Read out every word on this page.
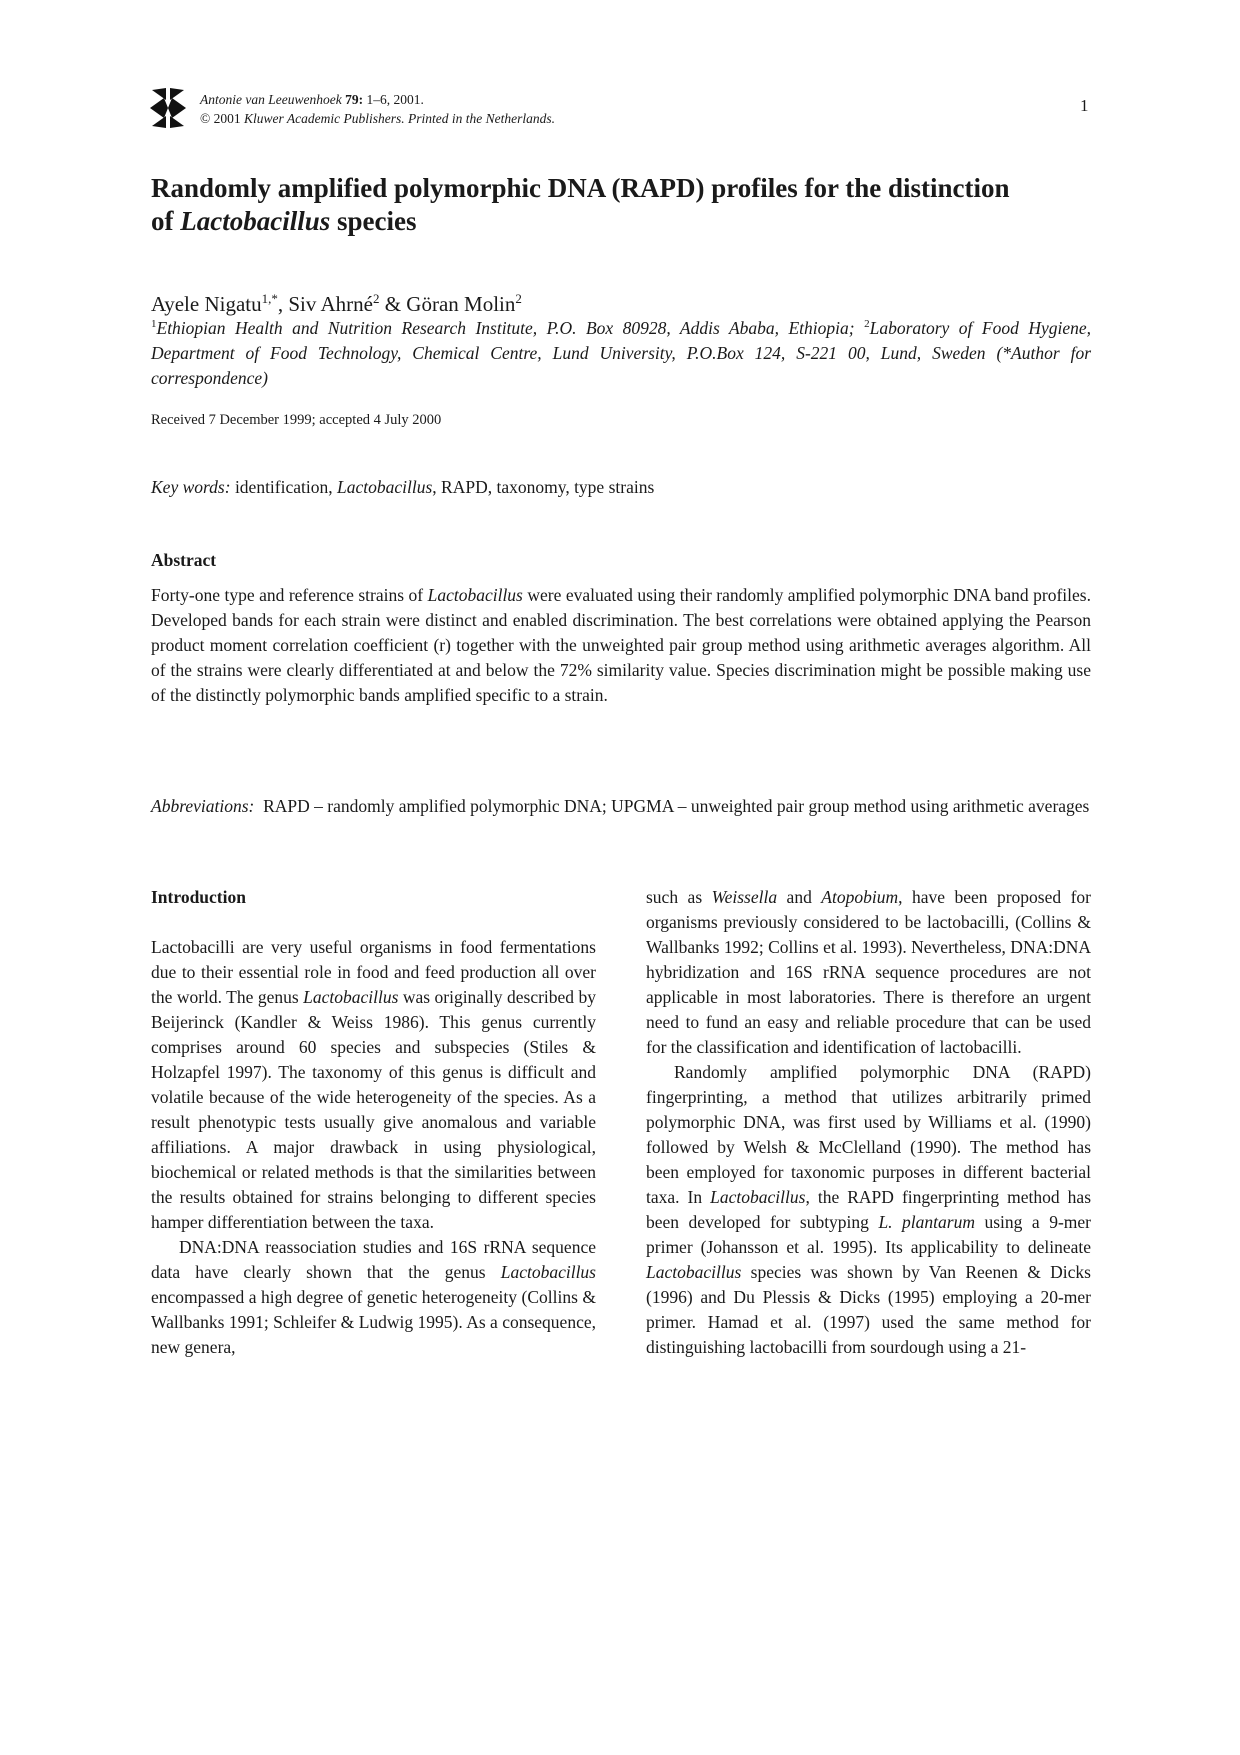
Antonie van Leeuwenhoek 79: 1–6, 2001.
© 2001 Kluwer Academic Publishers. Printed in the Netherlands.
1
Randomly amplified polymorphic DNA (RAPD) profiles for the distinction
of Lactobacillus species
Ayele Nigatu$^{1,*}$, Siv Ahrné$^2$ & Göran Molin$^2$
$^1$Ethiopian Health and Nutrition Research Institute, P.O. Box 80928, Addis Ababa, Ethiopia; $^2$Laboratory of Food Hygiene, Department of Food Technology, Chemical Centre, Lund University, P.O.Box 124, S-221 00, Lund, Sweden (*Author for correspondence)
Received 7 December 1999; accepted 4 July 2000
Key words: identification, Lactobacillus, RAPD, taxonomy, type strains
Abstract

Forty-one type and reference strains of Lactobacillus were evaluated using their randomly amplified polymorphic DNA band profiles. Developed bands for each strain were distinct and enabled discrimination. The best correlations were obtained applying the Pearson product moment correlation coefficient (r) together with the unweighted pair group method using arithmetic averages algorithm. All of the strains were clearly differentiated at and below the 72% similarity value. Species discrimination might be possible making use of the distinctly polymorphic bands amplified specific to a strain.

Abbreviations: RAPD – randomly amplified polymorphic DNA; UPGMA – unweighted pair group method using arithmetic averages

Introduction

Lactobacilli are very useful organisms in food fermentations due to their essential role in food and feed production all over the world. The genus Lactobacillus was originally described by Beijerinck (Kandler & Weiss 1986). This genus currently comprises around 60 species and subspecies (Stiles & Holzapfel 1997). The taxonomy of this genus is difficult and volatile because of the wide heterogeneity of the species. As a result phenotypic tests usually give anomalous and variable affiliations. A major drawback in using physiological, biochemical or related methods is that the similarities between the results obtained for strains belonging to different species hamper differentiation between the taxa.

DNA:DNA reassociation studies and 16S rRNA sequence data have clearly shown that the genus Lactobacillus encompassed a high degree of genetic heterogeneity (Collins & Wallbanks 1991; Schleifer & Ludwig 1995). As a consequence, new genera,

such as Weissella and Atopobium, have been proposed for organisms previously considered to be lactobacilli, (Collins & Wallbanks 1992; Collins et al. 1993). Nevertheless, DNA:DNA hybridization and 16S rRNA sequence procedures are not applicable in most laboratories. There is therefore an urgent need to fund an easy and reliable procedure that can be used for the classification and identification of lactobacilli.

Randomly amplified polymorphic DNA (RAPD) fingerprinting, a method that utilizes arbitrarily primed polymorphic DNA, was first used by Williams et al. (1990) followed by Welsh & McClelland (1990). The method has been employed for taxonomic purposes in different bacterial taxa. In Lactobacillus, the RAPD fingerprinting method has been developed for subtyping L. plantarum using a 9-mer primer (Johansson et al. 1995). Its applicability to delineate Lactobacillus species was shown by Van Reenen & Dicks (1996) and Du Plessis & Dicks (1995) employing a 20-mer primer. Hamad et al. (1997) used the same method for distinguishing lactobacilli from sourdough using a 21-
